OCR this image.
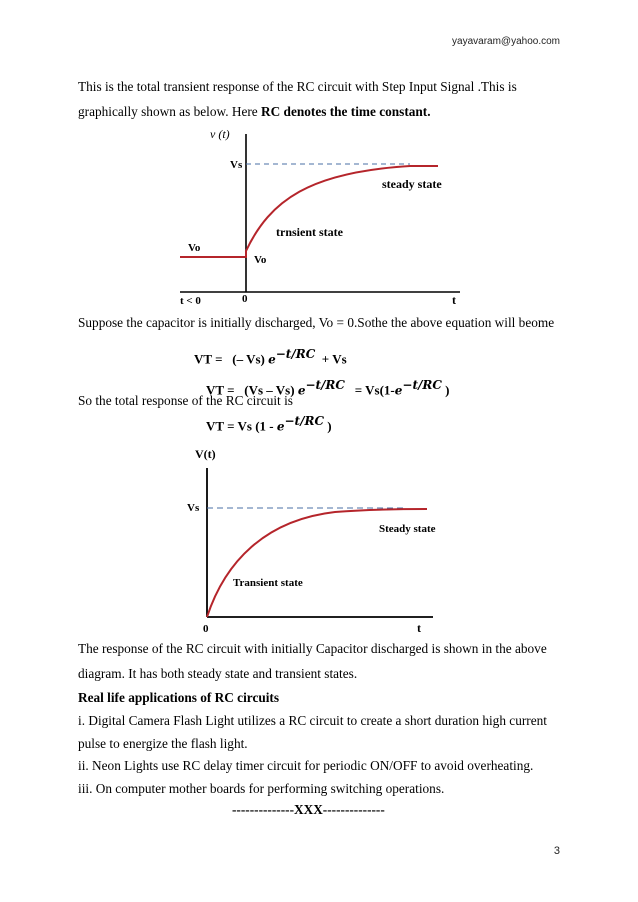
yayavaram@yahoo.com
This is the total transient response of the RC circuit with Step Input Signal .This is
graphically shown as below. Here RC denotes the time constant.
v (t)
Vs
Vo
Vo
steady state
trnsient state
t < 0	0	t
Suppose the capacitor is initially discharged, Vo = 0.Sothe the above equation will beome
VT = (– Vs) $e^{-t/RC} + Vs$
VT = (Vs – Vs) $e^{-t/RC} = Vs(1-e^{-t/RC}$ )
So the total response of the RC circuit is
VT = Vs ($1 - e^{-t/RC}$ )
V(t)
Vs
Steady state
Transient state
0	t
The response of the RC circuit with initially Capacitor discharged is shown in the above
diagram. It has both steady state and transient states.
Real life applications of RC circuits
i. Digital Camera Flash Light utilizes a RC circuit to create a short duration high current
pulse to energize the flash light.
ii. Neon Lights use RC delay timer circuit for periodic ON/OFF to avoid overheating.
iii. On computer mother boards for performing switching operations.
--------------XXX--------------
3
